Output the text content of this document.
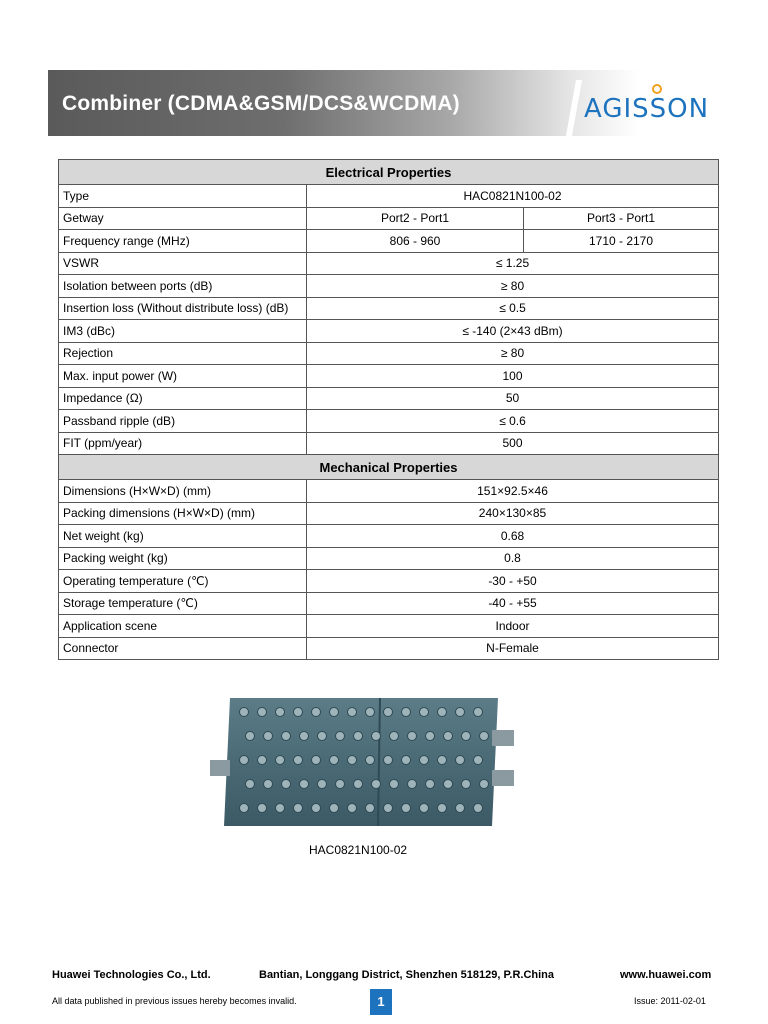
Combiner (CDMA&GSM/DCS&WCDMA)	AGISSON
Electrical Properties		
Type	HAC0821N100-02	
Getway	Port2 - Port1	Port3 - Port1
Frequency range (MHz)	806 - 960	1710 - 2170
VSWR	≤ 1.25	
Isolation between ports (dB)	≥ 80	
Insertion loss (Without distribute loss) (dB)	≤ 0.5	
IM3 (dBc)	≤ -140 (2×43 dBm)	
Rejection	≥ 80	
Max. input power (W)	100	
Impedance (Ω)	50	
Passband ripple (dB)	≤ 0.6	
FIT (ppm/year)	500	
Mechanical Properties		
Dimensions (H×W×D) (mm)	151×92.5×46	
Packing dimensions (H×W×D) (mm)	240×130×85	
Net weight (kg)	0.68	
Packing weight (kg)	0.8	
Operating temperature (℃)	-30 - +50	
Storage temperature (℃)	-40 - +55	
Application scene	Indoor	
Connector	N-Female	
HAC0821N100-02
Huawei Technologies Co., Ltd.	Bantian, Longgang District, Shenzhen 518129, P.R.China	www.huawei.com
All data published in previous issues hereby becomes invalid.	1	Issue: 2011-02-01
